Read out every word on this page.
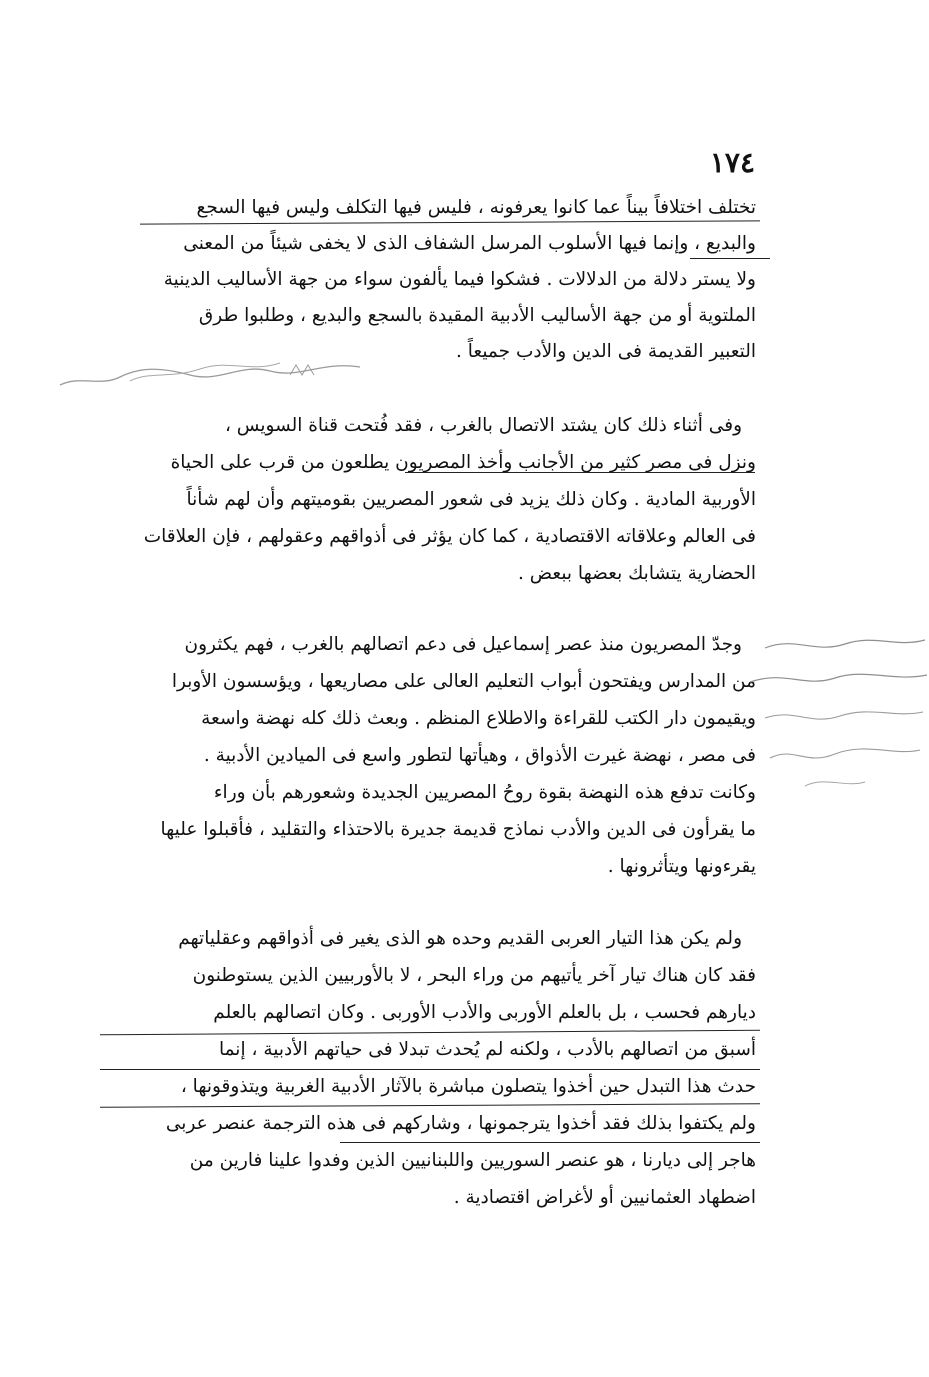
١٧٤
تختلف اختلافاً بيناً عما كانوا يعرفونه ، فليس فيها التكلف وليس فيها السجع
والبديع ، وإنما فيها الأسلوب المرسل الشفاف الذى لا يخفى شيئاً من المعنى
ولا يستر دلالة من الدلالات . فشكوا فيما يألفون سواء من جهة الأساليب الدينية
الملتوية أو من جهة الأساليب الأدبية المقيدة بالسجع والبديع ، وطلبوا طرق
التعبير القديمة فى الدين والأدب جميعاً .
وفى أثناء ذلك كان يشتد الاتصال بالغرب ، فقد فُتحت قناة السويس ،
ونزل فى مصر كثير من الأجانب وأخذ المصريون يطلعون من قرب على الحياة
الأوربية المادية . وكان ذلك يزيد فى شعور المصريين بقوميتهم وأن لهم شأناً
فى العالم وعلاقاته الاقتصادية ، كما كان يؤثر فى أذواقهم وعقولهم ، فإن العلاقات
الحضارية يتشابك بعضها ببعض .
وجدّ المصريون منذ عصر إسماعيل فى دعم اتصالهم بالغرب ، فهم يكثرون
من المدارس ويفتحون أبواب التعليم العالى على مصاريعها ، ويؤسسون الأوبرا
ويقيمون دار الكتب للقراءة والاطلاع المنظم . وبعث ذلك كله نهضة واسعة
فى مصر ، نهضة غيرت الأذواق ، وهيأتها لتطور واسع فى الميادين الأدبية .
وكانت تدفع هذه النهضة بقوة روحُ المصريين الجديدة وشعورهم بأن وراء
ما يقرأون فى الدين والأدب نماذج قديمة جديرة بالاحتذاء والتقليد ، فأقبلوا عليها
يقرءونها ويتأثرونها .
ولم يكن هذا التيار العربى القديم وحده هو الذى يغير فى أذواقهم وعقلياتهم
فقد كان هناك تيار آخر يأتيهم من وراء البحر ، لا بالأوربيين الذين يستوطنون
ديارهم فحسب ، بل بالعلم الأوربى والأدب الأوربى . وكان اتصالهم بالعلم
أسبق من اتصالهم بالأدب ، ولكنه لم يُحدث تبدلا فى حياتهم الأدبية ، إنما
حدث هذا التبدل حين أخذوا يتصلون مباشرة بالآثار الأدبية الغربية ويتذوقونها ،
ولم يكتفوا بذلك فقد أخذوا يترجمونها ، وشاركهم فى هذه الترجمة عنصر عربى
هاجر إلى ديارنا ، هو عنصر السوريين واللبنانيين الذين وفدوا علينا فارين من
اضطهاد العثمانيين أو لأغراض اقتصادية .
